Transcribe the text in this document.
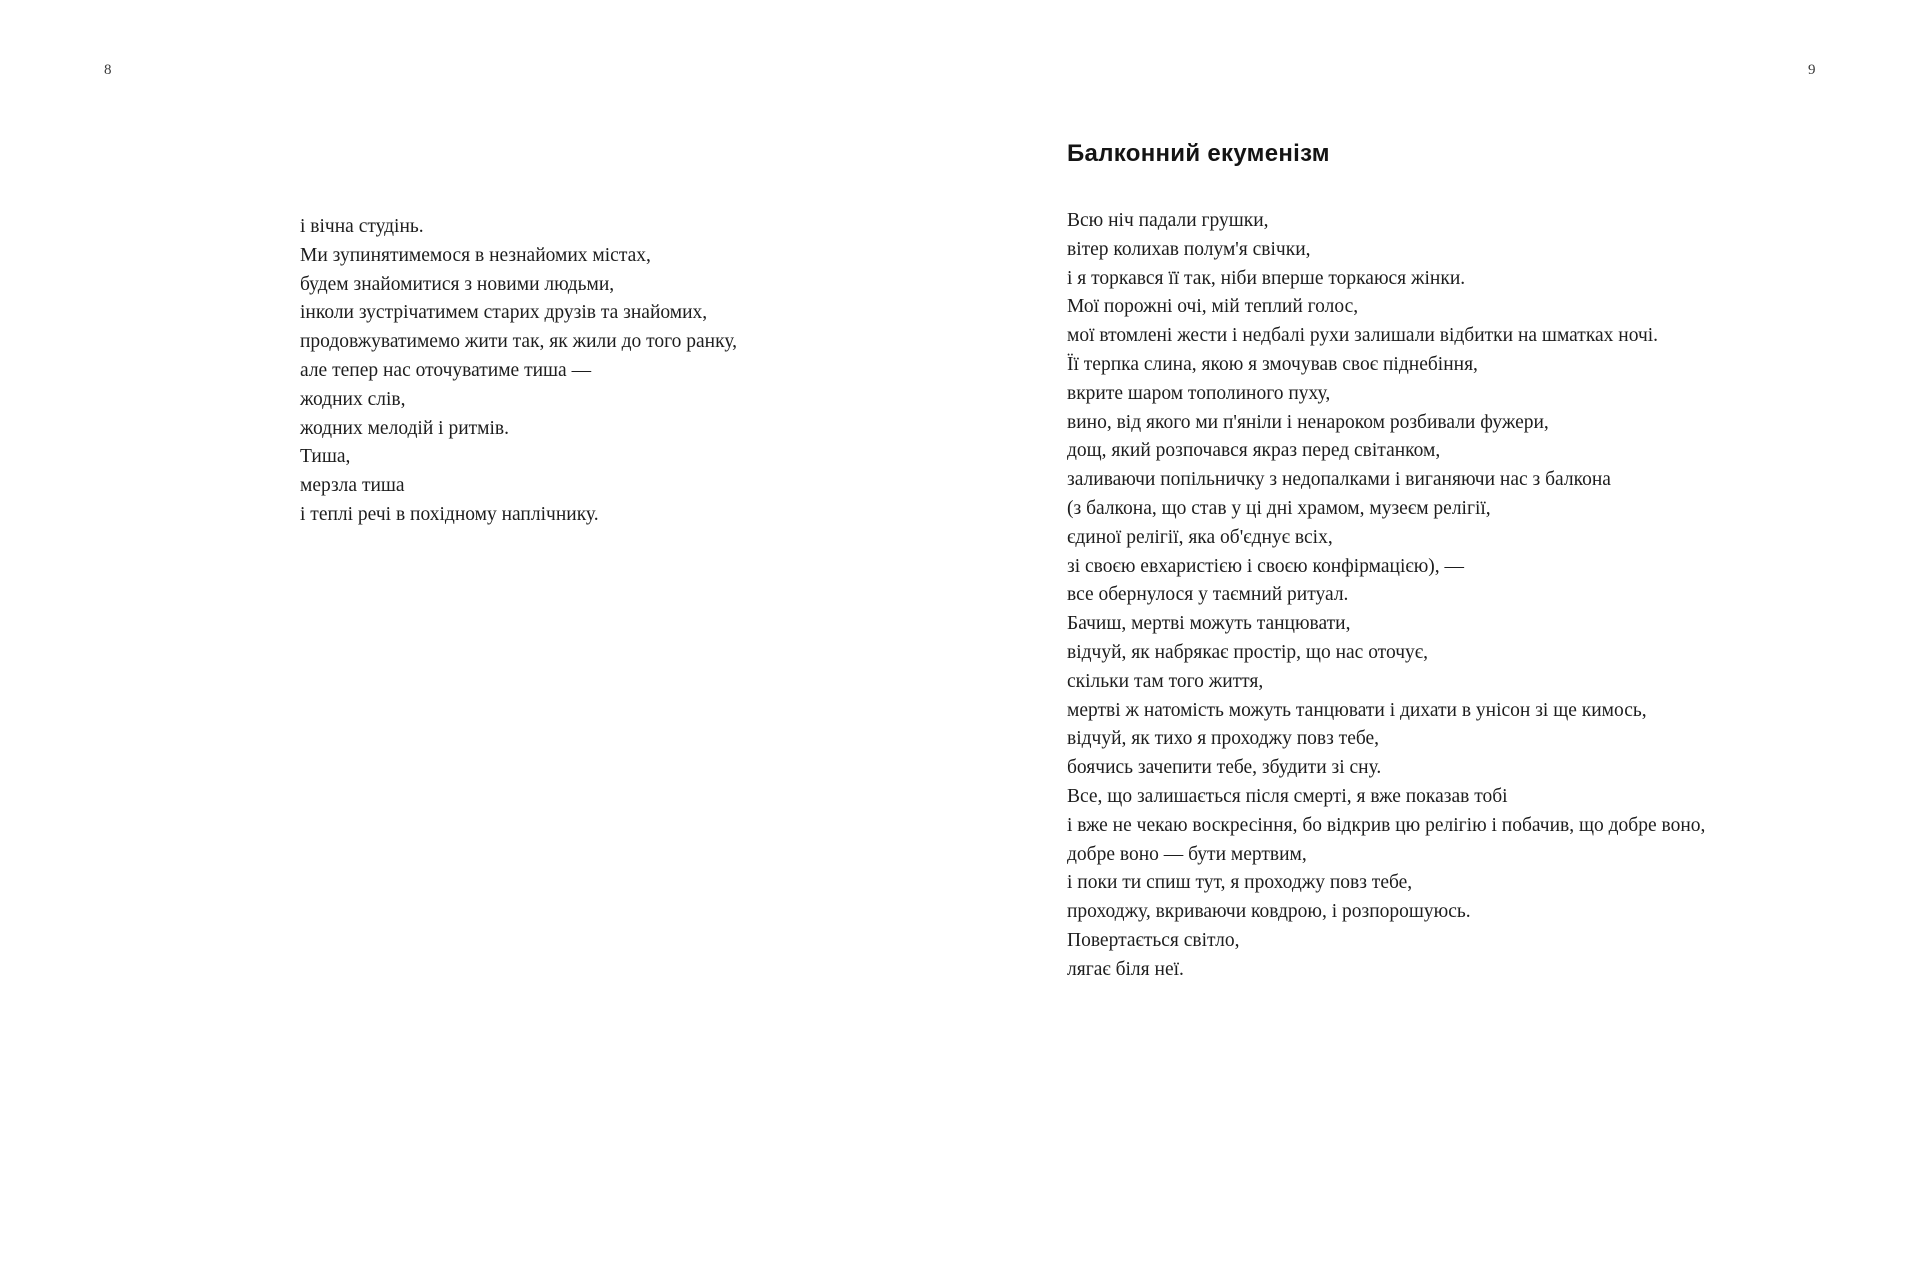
8
і вічна студінь.
Ми зупинятимемося в незнайомих містах,
будем знайомитися з новими людьми,
інколи зустрічатимем старих друзів та знайомих,
продовжуватимемо жити так, як жили до того ранку,
але тепер нас оточуватиме тиша —
жодних слів,
жодних мелодій і ритмів.
Тиша,
мерзла тиша
і теплі речі в похідному наплічнику.
9
Балконний екуменізм
Всю ніч падали грушки,
вітер колихав полум'я свічки,
і я торкався її так, ніби вперше торкаюся жінки.
Мої порожні очі, мій теплий голос,
мої втомлені жести і недбалі рухи залишали відбитки на шматках ночі.
Її терпка слина, якою я змочував своє піднебіння,
вкрите шаром тополиного пуху,
вино, від якого ми п'яніли і ненароком розбивали фужери,
дощ, який розпочався якраз перед світанком,
заливаючи попільничку з недопалками і виганяючи нас з балкона
(з балкона, що став у ці дні храмом, музеєм релігії,
єдиної релігії, яка об'єднує всіх,
зі своєю евхаристією і своєю конфірмацією), —
все обернулося у таємний ритуал.
Бачиш, мертві можуть танцювати,
відчуй, як набрякає простір, що нас оточує,
скільки там того життя,
мертві ж натомість можуть танцювати і дихати в унісон зі ще кимось,
відчуй, як тихо я проходжу повз тебе,
боячись зачепити тебе, збудити зі сну.
Все, що залишається після смерті, я вже показав тобі
і вже не чекаю воскресіння, бо відкрив цю релігію і побачив, що добре воно,
добре воно — бути мертвим,
і поки ти спиш тут, я проходжу повз тебе,
проходжу, вкриваючи ковдрою, і розпорошуюсь.
Повертається світло,
лягає біля неї.
